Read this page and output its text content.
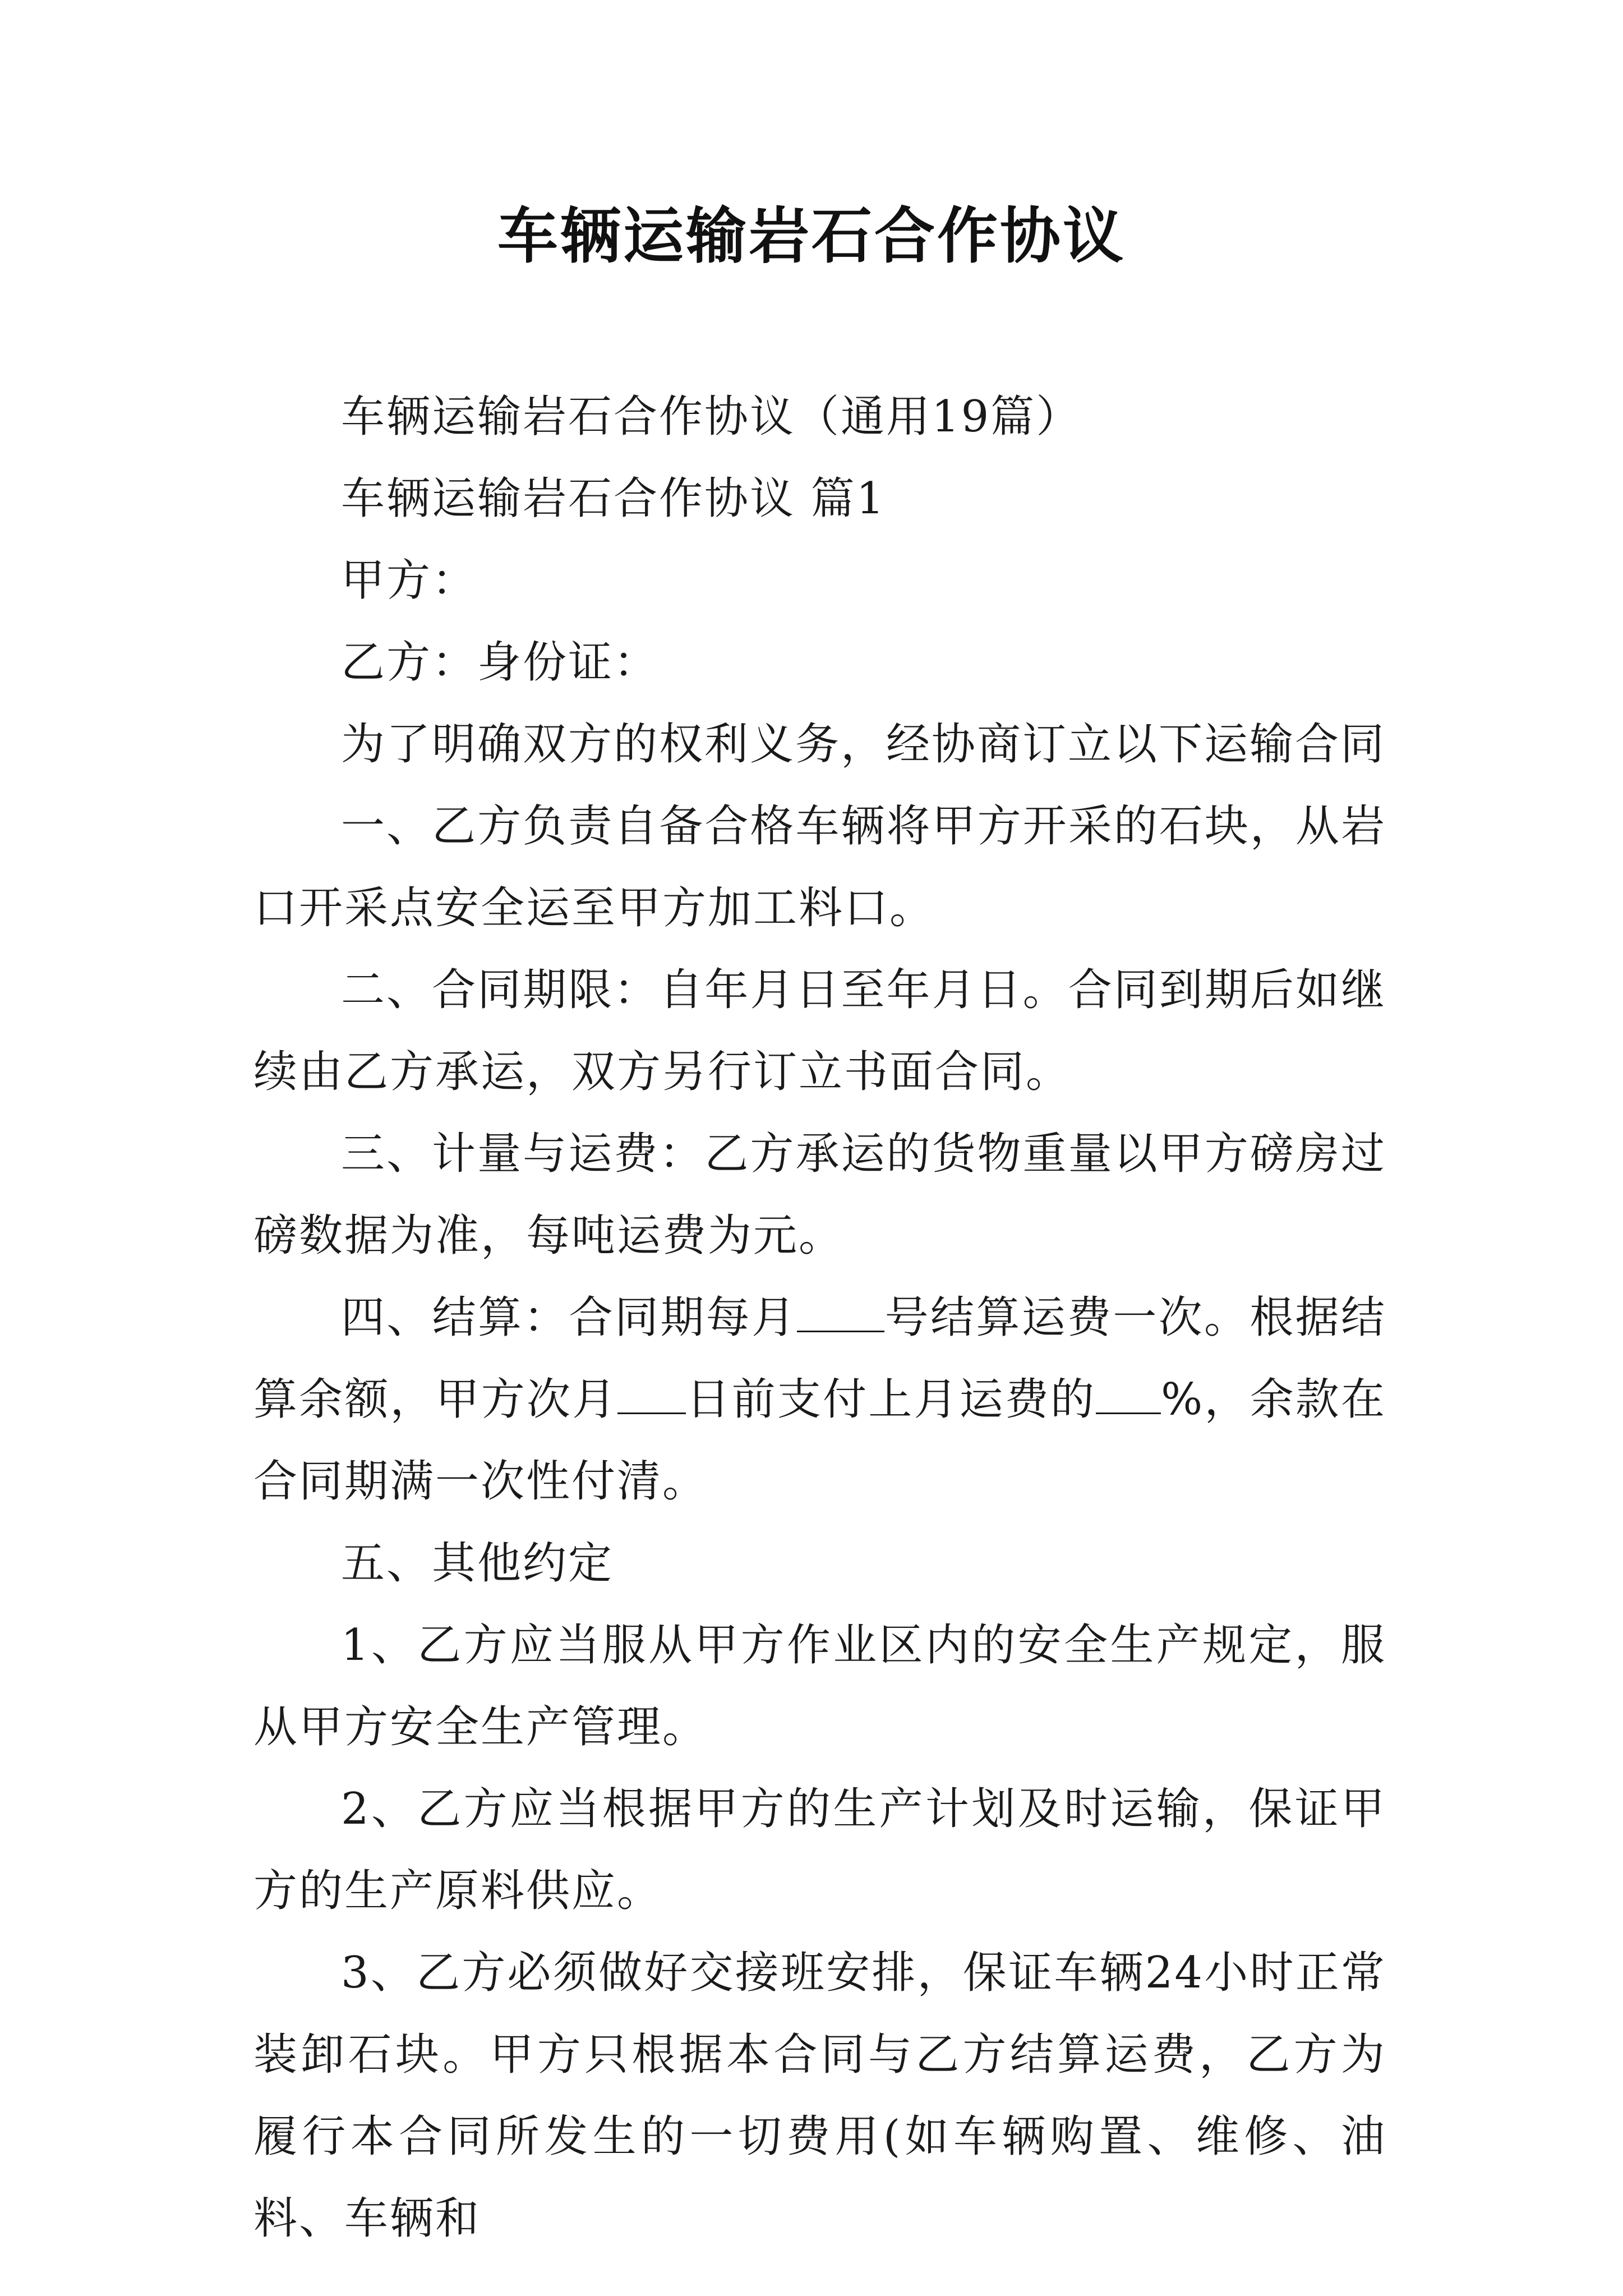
车辆运输岩石合作协议

车辆运输岩石合作协议（通用19篇）

车辆运输岩石合作协议 篇1

甲方：

乙方：身份证：

为了明确双方的权利义务，经协商订立以下运输合同

一、乙方负责自备合格车辆将甲方开采的石块，从岩口开采点安全运至甲方加工料口。

二、合同期限：自年月日至年月日。合同到期后如继续由乙方承运，双方另行订立书面合同。

三、计量与运费：乙方承运的货物重量以甲方磅房过磅数据为准，每吨运费为元。

四、结算：合同期每月 号结算运费一次。根据结算余额，甲方次月 日前支付上月运费的 %，余款在合同期满一次性付清。

五、其他约定

1、乙方应当服从甲方作业区内的安全生产规定，服从甲方安全生产管理。

2、乙方应当根据甲方的生产计划及时运输，保证甲方的生产原料供应。

3、乙方必须做好交接班安排，保证车辆24小时正常装卸石块。甲方只根据本合同与乙方结算运费，乙方为履行本合同所发生的一切费用(如车辆购置、维修、油料、车辆和
